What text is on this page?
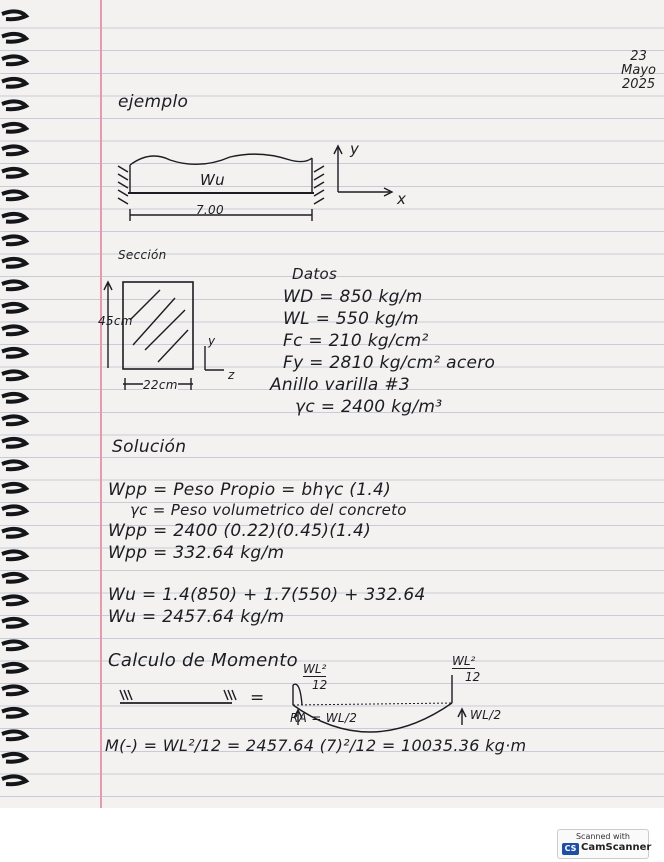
23
Mayo
2025
ejemplo
Wu
7.00
y
x
Sección
45cm
22cm
y
z
Datos
WD = 850 kg/m
WL = 550 kg/m
Fc = 210 kg/cm²
Fy = 2810 kg/cm² acero
Anillo varilla #3
γc = 2400 kg/m³
Solución
Wpp = Peso Propio = bhγc (1.4)
γc = Peso volumetrico del concreto
Wpp = 2400 (0.22)(0.45)(1.4)
Wpp = 332.64 kg/m
Wu = 1.4(850) + 1.7(550) + 332.64
Wu = 2457.64 kg/m
Calculo de Momento WL²
12
WL²
12
=
RA = WL/2	WL/2
M(-) = WL²/12 = 2457.64 (7)²/12 = 10035.36 kg·m
Scanned with
CS CamScanner
